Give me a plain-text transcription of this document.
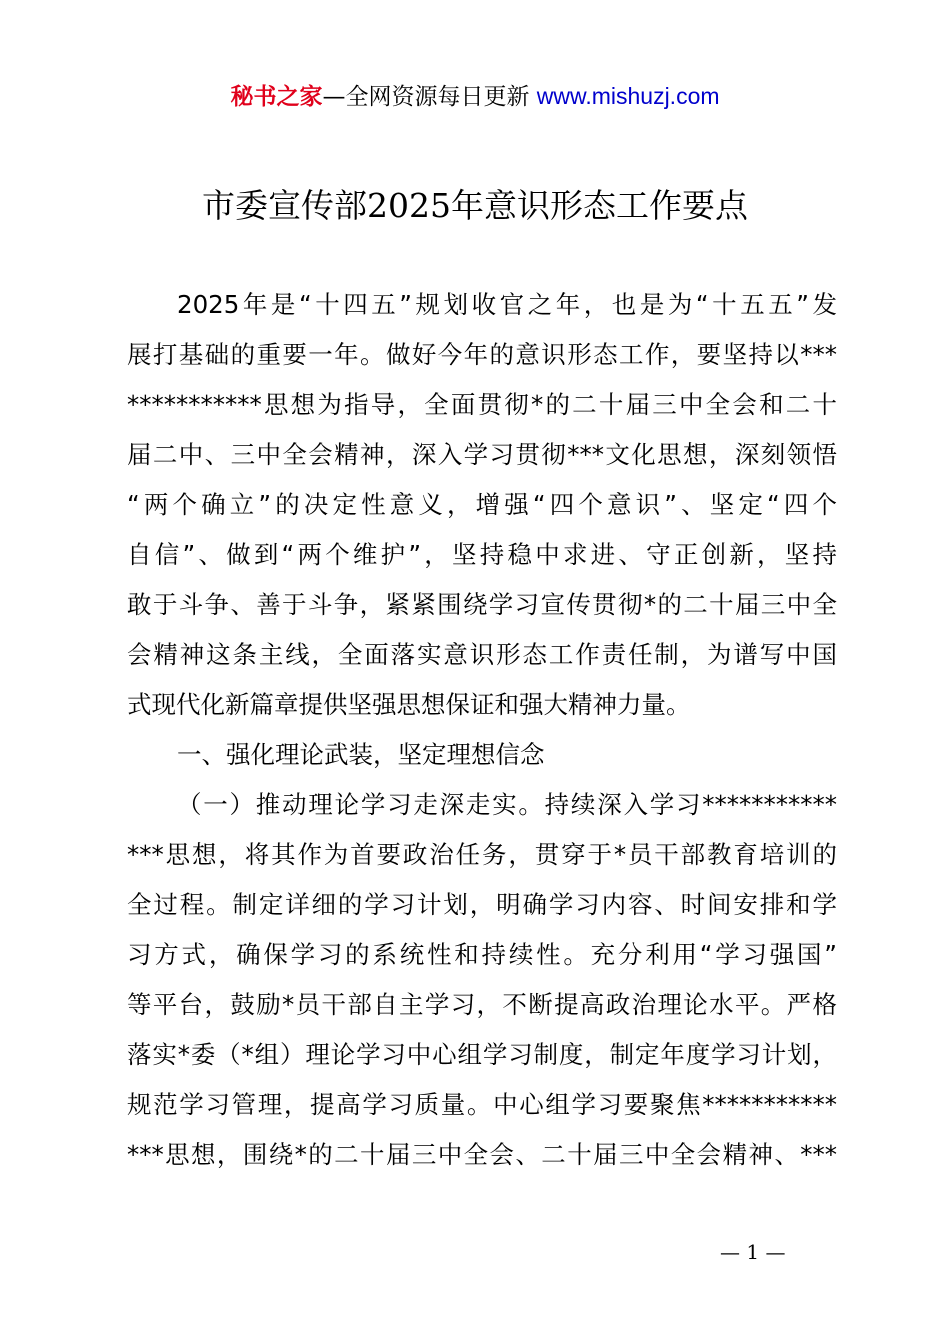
秘书之家—全网资源每日更新 www.mishuzj.com
市委宣传部2025年意识形态工作要点
2025年是“十四五”规划收官之年，也是为“十五五”发
展打基础的重要一年。做好今年的意识形态工作，要坚持以***
***********思想为指导，全面贯彻*的二十届三中全会和二十
届二中、三中全会精神，深入学习贯彻***文化思想，深刻领悟
“两个确立”的决定性意义，增强“四个意识”、坚定“四个
自信”、做到“两个维护”，坚持稳中求进、守正创新，坚持
敢于斗争、善于斗争，紧紧围绕学习宣传贯彻*的二十届三中全
会精神这条主线，全面落实意识形态工作责任制，为谱写中国
式现代化新篇章提供坚强思想保证和强大精神力量。
一、强化理论武装，坚定理想信念
（一）推动理论学习走深走实。持续深入学习***********
***思想，将其作为首要政治任务，贯穿于*员干部教育培训的
全过程。制定详细的学习计划，明确学习内容、时间安排和学
习方式，确保学习的系统性和持续性。充分利用“学习强国”
等平台，鼓励*员干部自主学习，不断提高政治理论水平。严格
落实*委（*组）理论学习中心组学习制度，制定年度学习计划，
规范学习管理，提高学习质量。中心组学习要聚焦***********
***思想，围绕*的二十届三中全会、二十届三中全会精神、***
— 1 —
